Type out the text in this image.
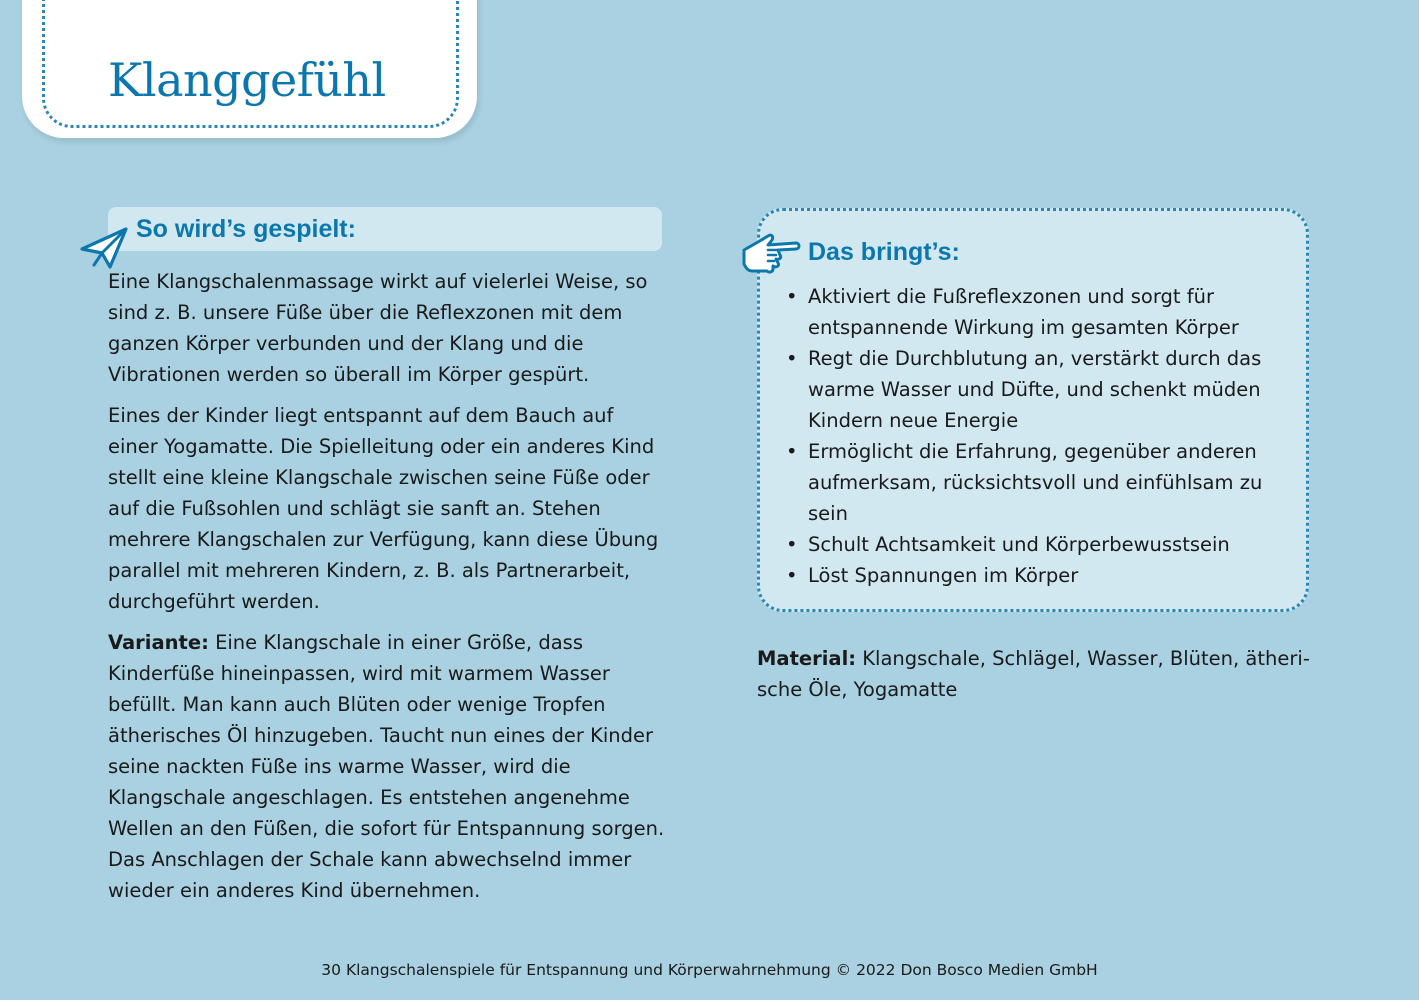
Klanggefühl
So wird’s gespielt:

Eine Klangschalenmassage wirkt auf vielerlei Weise, so sind z. B. unsere Füße über die Reflexzonen mit dem ganzen Körper verbunden und der Klang und die Vibrationen werden so überall im Körper gespürt.

Eines der Kinder liegt entspannt auf dem Bauch auf einer Yogamatte. Die Spielleitung oder ein anderes Kind stellt eine kleine Klangschale zwischen seine Füße oder auf die Fußsohlen und schlägt sie sanft an. Stehen mehrere Klangschalen zur Verfügung, kann diese Übung parallel mit mehreren Kindern, z. B. als Partnerarbeit, durchgeführt werden.

Variante: Eine Klangschale in einer Größe, dass Kinderfüße hineinpassen, wird mit warmem Wasser befüllt. Man kann auch Blüten oder wenige Tropfen ätherisches Öl hinzugeben. Taucht nun eines der Kinder seine nackten Füße ins warme Wasser, wird die Klangschale angeschlagen. Es entstehen angenehme Wellen an den Füßen, die sofort für Entspannung sorgen. Das Anschlagen der Schale kann abwechselnd immer wieder ein anderes Kind übernehmen.

Das bringt’s:
• Aktiviert die Fußreflexzonen und sorgt für entspannende Wirkung im gesamten Körper
• Regt die Durchblutung an, verstärkt durch das warme Wasser und Düfte, und schenkt müden Kindern neue Energie
• Ermöglicht die Erfahrung, gegenüber anderen aufmerksam, rücksichtsvoll und einfühlsam zu sein
• Schult Achtsamkeit und Körperbewusstsein
• Löst Spannungen im Körper

Material: Klangschale, Schlägel, Wasser, Blüten, ätherische Öle, Yogamatte

30 Klangschalenspiele für Entspannung und Körperwahrnehmung © 2022 Don Bosco Medien GmbH
